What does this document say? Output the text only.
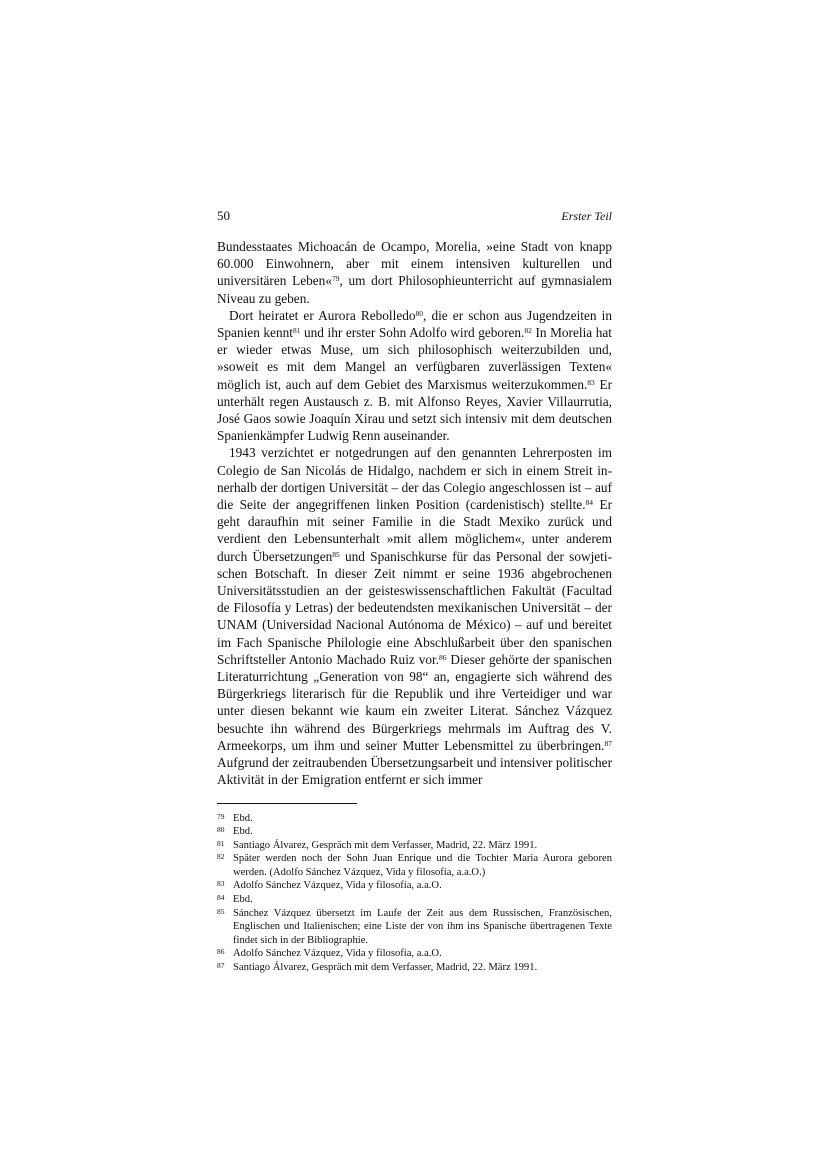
50	Erster Teil

Bundesstaates Michoacán de Ocampo, Morelia, »eine Stadt von knapp 60.000 Einwohnern, aber mit einem intensiven kulturellen und universitären Leben«$^{79}$, um dort Philosophieunterricht auf gymnasialem Niveau zu geben.

Dort heiratet er Aurora Rebolledo$^{80}$, die er schon aus Jugendzeiten in Spanien kennt$^{81}$ und ihr erster Sohn Adolfo wird geboren.$^{82}$ In Morelia hat er wieder etwas Muse, um sich philosophisch weiterzubilden und, »soweit es mit dem Mangel an verfügbaren zuverlässigen Texten« möglich ist, auch auf dem Gebiet des Marxismus weiterzukommen.$^{83}$ Er unterhält regen Austausch z. B. mit Alfonso Reyes, Xavier Villaurrutia, José Gaos sowie Joaquín Xirau und setzt sich intensiv mit dem deutschen Spanienkämpfer Ludwig Renn auseinander.

1943 verzichtet er notgedrungen auf den genannten Lehrerposten im Colegio de San Nicolás de Hidalgo, nachdem er sich in einem Streit innerhalb der dortigen Universität – der das Colegio angeschlossen ist – auf die Seite der angegriffenen linken Position (cardenistisch) stellte.$^{84}$ Er geht daraufhin mit seiner Familie in die Stadt Mexiko zurück und verdient den Lebensunterhalt »mit allem möglichem«, unter anderem durch Übersetzungen$^{85}$ und Spanischkurse für das Personal der sowjetischen Botschaft. In dieser Zeit nimmt er seine 1936 abgebrochenen Universitätsstudien an der geisteswissenschaftlichen Fakultät (Facultad de Filosofía y Letras) der bedeutendsten mexikanischen Universität – der UNAM (Universidad Nacional Autónoma de México) – auf und bereitet im Fach Spanische Philologie eine Abschlußarbeit über den spanischen Schriftsteller Antonio Machado Ruiz vor.$^{86}$ Dieser gehörte der spanischen Literaturrichtung „Generation von 98“ an, engagierte sich während des Bürgerkriegs literarisch für die Republik und ihre Verteidiger und war unter diesen bekannt wie kaum ein zweiter Literat. Sánchez Vázquez besuchte ihn während des Bürgerkriegs mehrmals im Auftrag des V. Armeekorps, um ihm und seiner Mutter Lebensmittel zu überbringen.$^{87}$ Aufgrund der zeitraubenden Übersetzungsarbeit und intensiver politischer Aktivität in der Emigration entfernt er sich immer

79 Ebd.
80 Ebd.
81 Santiago Álvarez, Gespräch mit dem Verfasser, Madrid, 22. März 1991.
82 Später werden noch der Sohn Juan Enrique und die Tochter Maria Aurora geboren werden. (Adolfo Sánchez Vázquez, Vida y filosofía, a.a.O.)
83 Adolfo Sánchez Vázquez, Vida y filosofía, a.a.O.
84 Ebd.
85 Sánchez Vázquez übersetzt im Laufe der Zeit aus dem Russischen, Französischen, Englischen und Italienischen; eine Liste der von ihm ins Spanische übertragenen Texte findet sich in der Bibliographie.
86 Adolfo Sánchez Vázquez, Vida y filosofía, a.a.O.
87 Santiago Álvarez, Gespräch mit dem Verfasser, Madrid, 22. März 1991.
